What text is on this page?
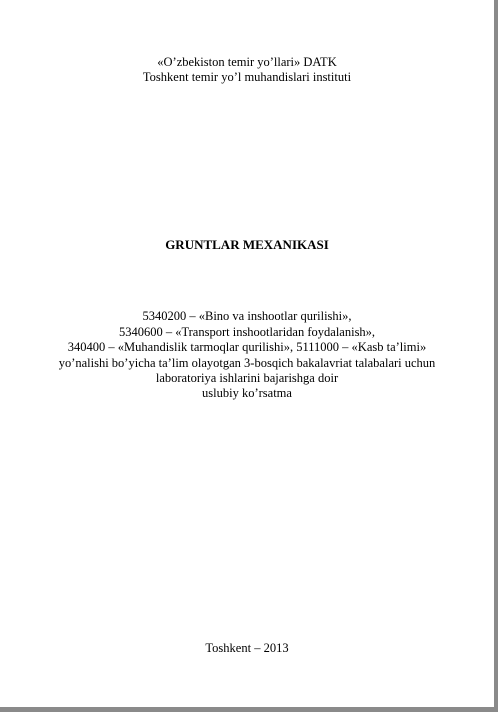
«O’zbekiston temir yo’llari» DATK
Toshkent temir yo’l muhandislari instituti
GRUNTLAR MEXANIKASI
5340200 – «Bino va inshootlar qurilishi»,
5340600 – «Transport inshootlaridan foydalanish»,
340400 – «Muhandislik tarmoqlar qurilishi», 5111000 – «Kasb ta’limi»
yo’nalishi bo’yicha ta’lim olayotgan 3-bosqich bakalavriat talabalari uchun
laboratoriya ishlarini bajarishga doir
uslubiy ko’rsatma
Toshkent – 2013
